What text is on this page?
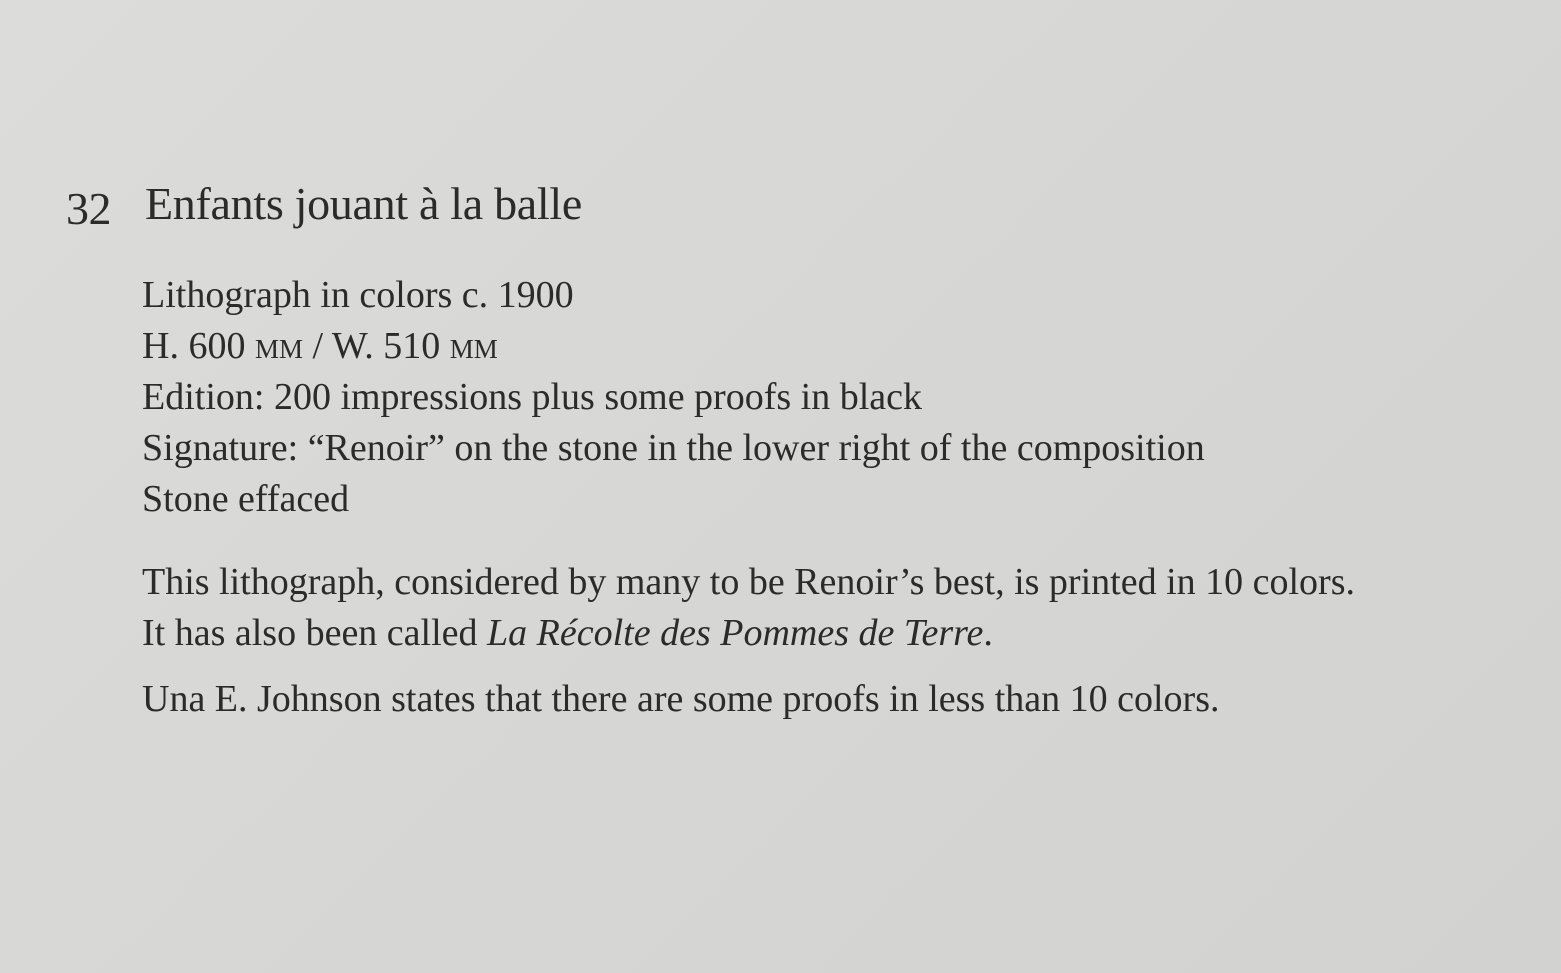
32 Enfants jouant à la balle
Lithograph in colors c. 1900
H. 600 mm / W. 510 mm
Edition: 200 impressions plus some proofs in black
Signature: “Renoir” on the stone in the lower right of the composition
Stone effaced
This lithograph, considered by many to be Renoir’s best, is printed in 10 colors.
It has also been called La Récolte des Pommes de Terre.
Una E. Johnson states that there are some proofs in less than 10 colors.
